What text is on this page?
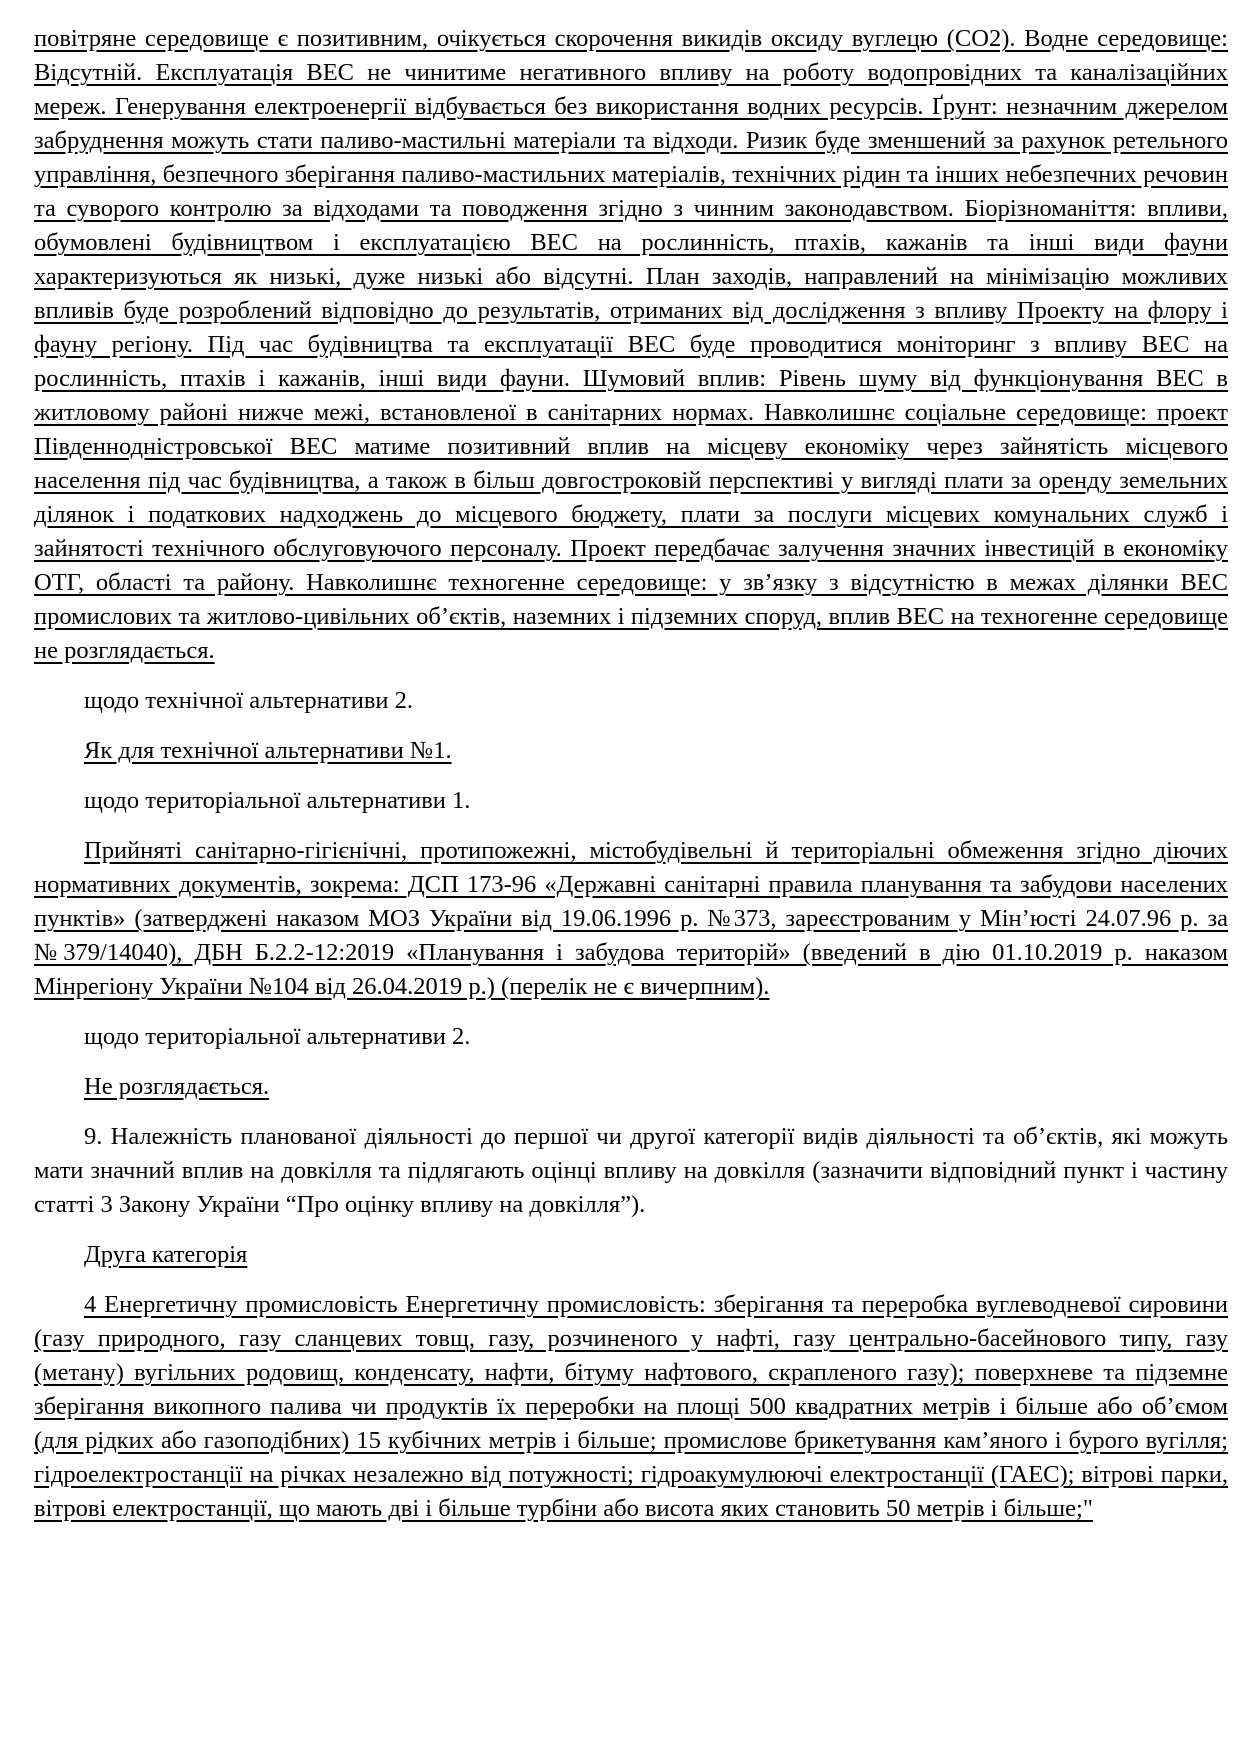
повітряне середовище є позитивним, очікується скорочення викидів оксиду вуглецю (СО2). Водне середовище: Відсутній. Експлуатація ВЕС не чинитиме негативного впливу на роботу водопровідних та каналізаційних мереж. Генерування електроенергії відбувається без використання водних ресурсів. Ґрунт: незначним джерелом забруднення можуть стати паливо-мастильні матеріали та відходи. Ризик буде зменшений за рахунок ретельного управління, безпечного зберігання паливо-мастильних матеріалів, технічних рідин та інших небезпечних речовин та суворого контролю за відходами та поводження згідно з чинним законодавством. Біорізноманіття: впливи, обумовлені будівництвом і експлуатацією ВЕС на рослинність, птахів, кажанів та інші види фауни характеризуються як низькі, дуже низькі або відсутні. План заходів, направлений на мінімізацію можливих впливів буде розроблений відповідно до результатів, отриманих від дослідження з впливу Проекту на флору і фауну регіону. Під час будівництва та експлуатації ВЕС буде проводитися моніторинг з впливу ВЕС на рослинність, птахів і кажанів, інші види фауни. Шумовий вплив: Рівень шуму від функціонування ВЕС в житловому районі нижче межі, встановленої в санітарних нормах. Навколишнє соціальне середовище: проект Південнодністровської ВЕС матиме позитивний вплив на місцеву економіку через зайнятість місцевого населення під час будівництва, а також в більш довгостроковій перспективі у вигляді плати за оренду земельних ділянок і податкових надходжень до місцевого бюджету, плати за послуги місцевих комунальних служб і зайнятості технічного обслуговуючого персоналу. Проект передбачає залучення значних інвестицій в економіку ОТГ, області та району. Навколишнє техногенне середовище: у зв’язку з відсутністю в межах ділянки ВЕС промислових та житлово-цивільних об’єктів, наземних і підземних споруд, вплив ВЕС на техногенне середовище не розглядається.

щодо технічної альтернативи 2.

Як для технічної альтернативи №1.

щодо територіальної альтернативи 1.

Прийняті санітарно-гігієнічні, протипожежні, містобудівельні й територіальні обмеження згідно діючих нормативних документів, зокрема: ДСП 173-96 «Державні санітарні правила планування та забудови населених пунктів» (затверджені наказом МОЗ України від 19.06.1996 р. №373, зареєстрованим у Мін’юсті 24.07.96 р. за №379/14040), ДБН Б.2.2-12:2019 «Планування і забудова територій» (введений в дію 01.10.2019 р. наказом Мінрегіону України №104 від 26.04.2019 р.) (перелік не є вичерпним).

щодо територіальної альтернативи 2.

Не розглядається.

9. Належність планованої діяльності до першої чи другої категорії видів діяльності та об’єктів, які можуть мати значний вплив на довкілля та підлягають оцінці впливу на довкілля (зазначити відповідний пункт і частину статті 3 Закону України “Про оцінку впливу на довкілля”).

Друга категорія

4 Енергетичну промисловість Енергетичну промисловість: зберігання та переробка вуглеводневої сировини (газу природного, газу сланцевих товщ, газу, розчиненого у нафті, газу центрально-басейнового типу, газу (метану) вугільних родовищ, конденсату, нафти, бітуму нафтового, скрапленого газу); поверхневе та підземне зберігання викопного палива чи продуктів їх переробки на площі 500 квадратних метрів і більше або об’ємом (для рідких або газоподібних) 15 кубічних метрів і більше; промислове брикетування кам’яного і бурого вугілля; гідроелектростанції на річках незалежно від потужності; гідроакумулюючі електростанції (ГАЕС); вітрові парки, вітрові електростанції, що мають дві і більше турбіни або висота яких становить 50 метрів і більше;"
